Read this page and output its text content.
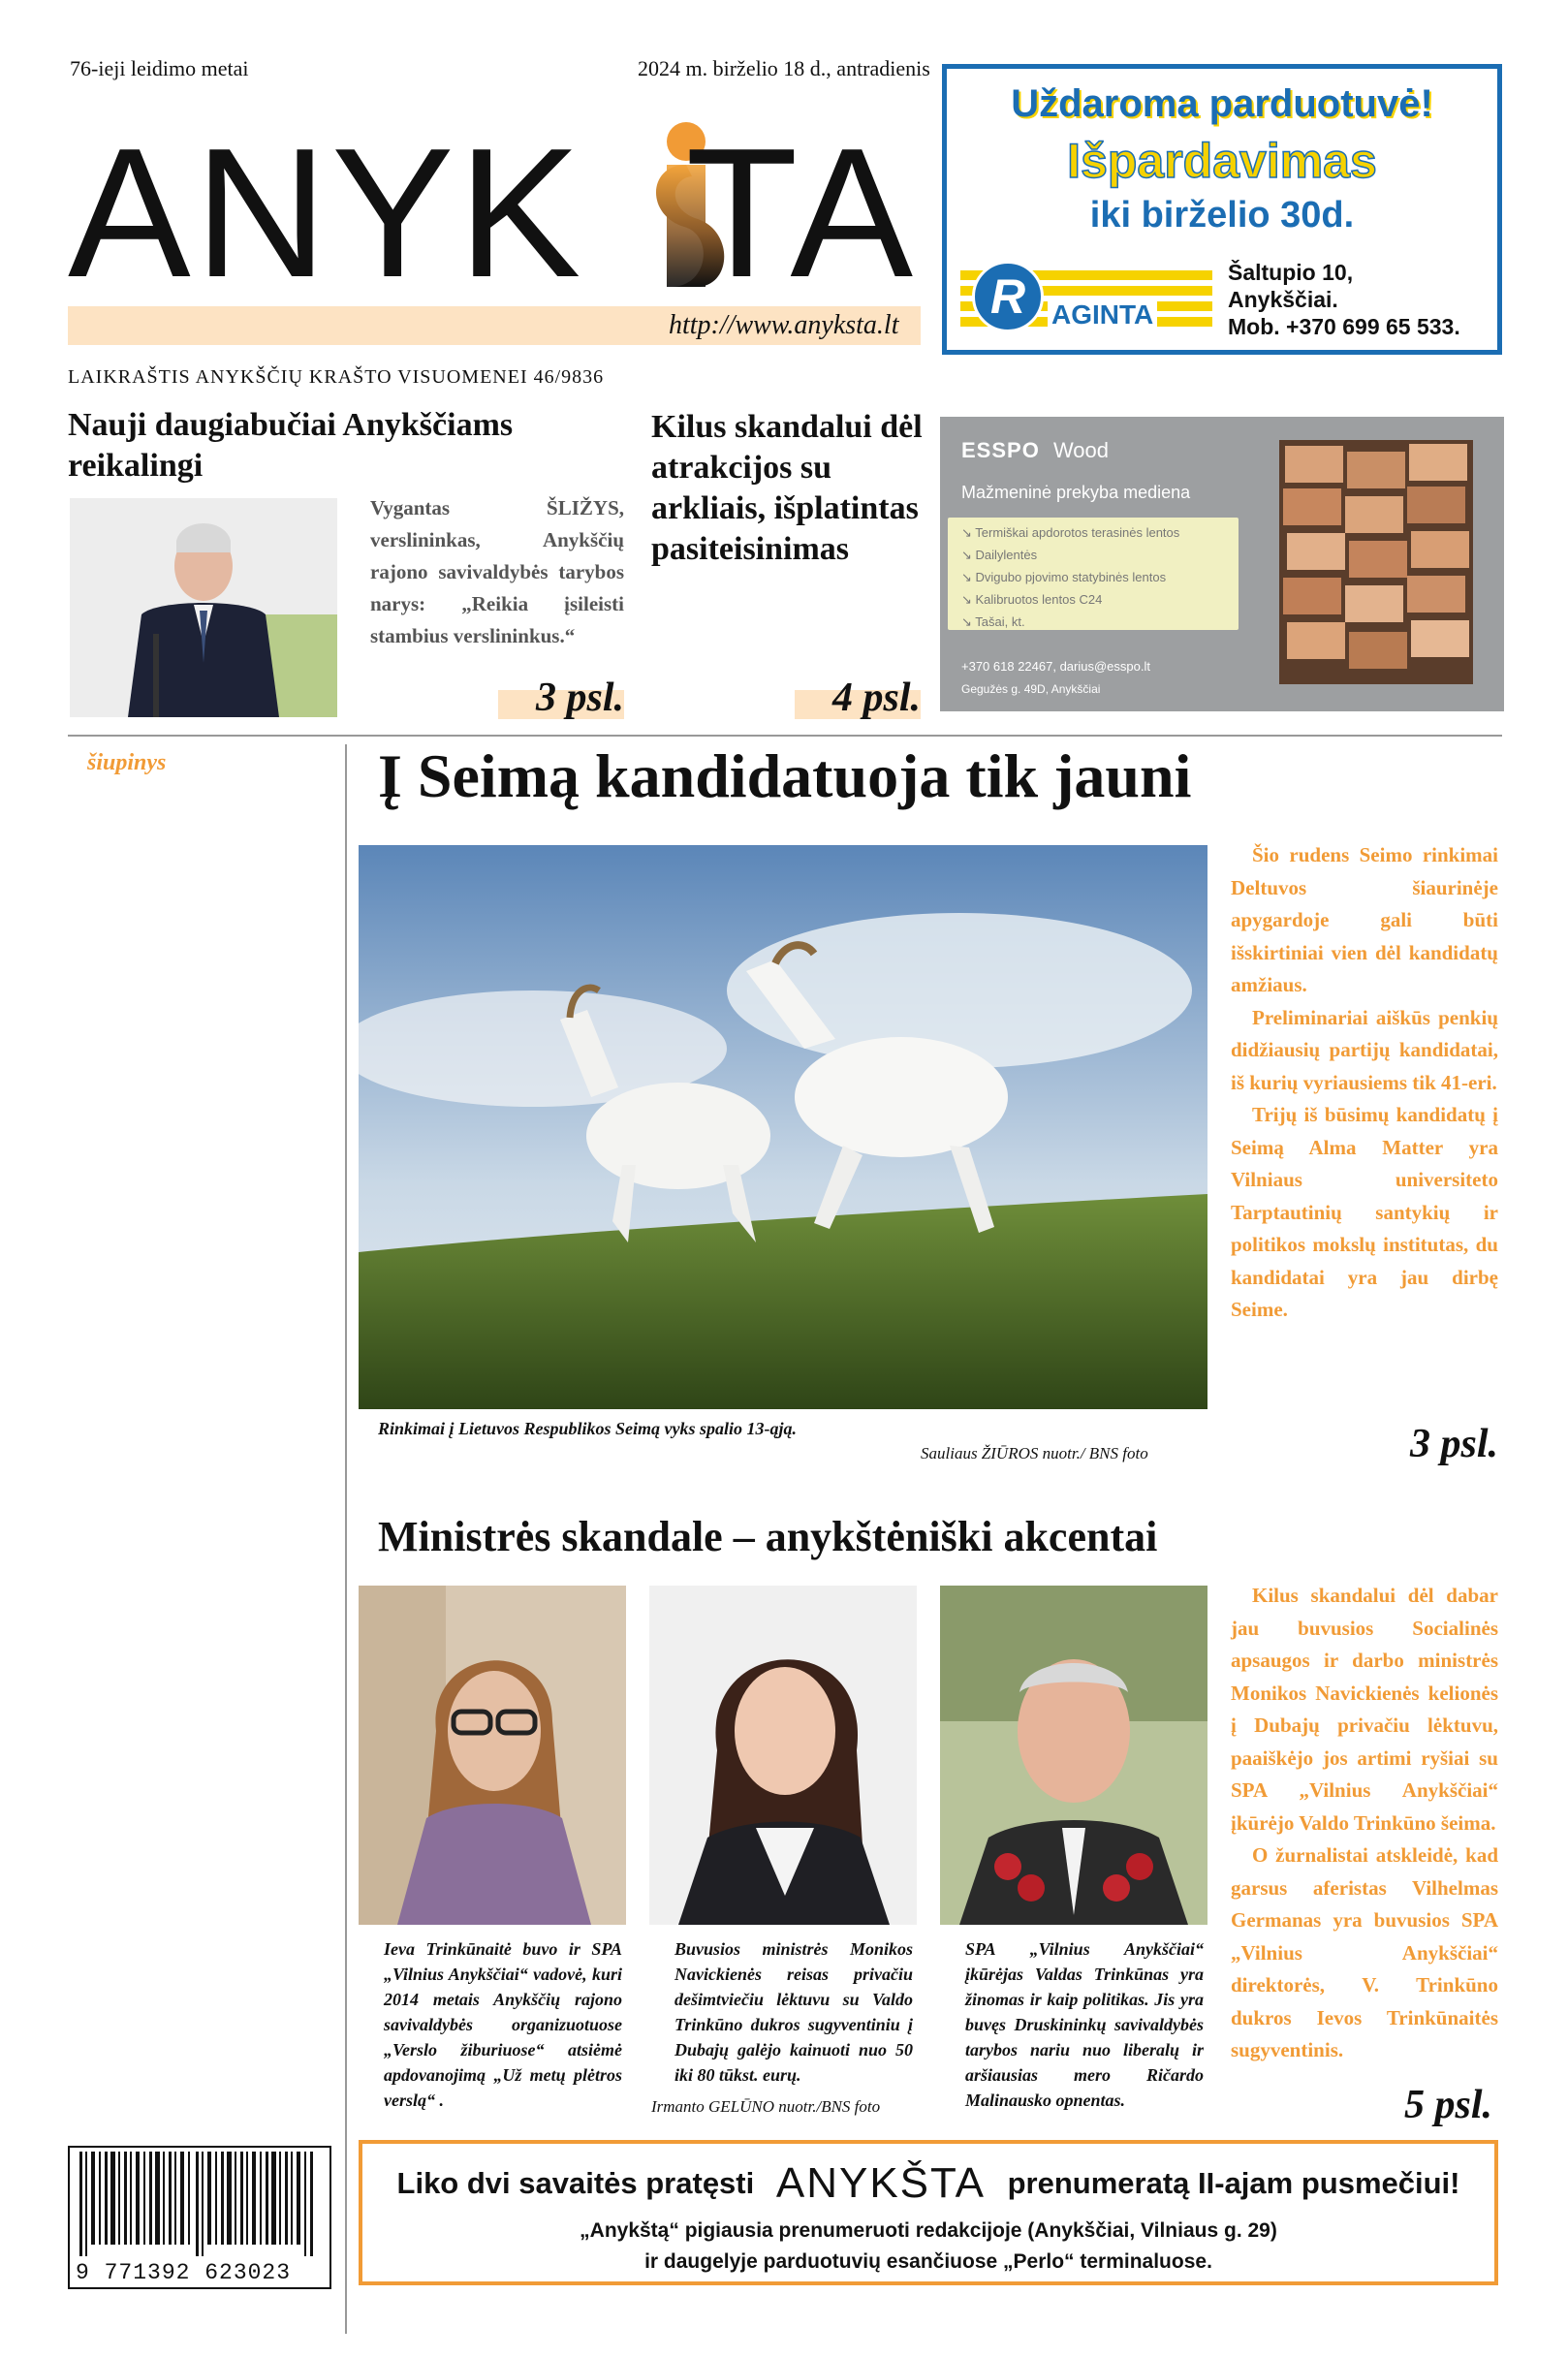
76-ieji leidimo metai	2024 m. birželio 18 d., antradienis
ANYK TA
http://www.anyksta.lt
LAIKRAŠTIS ANYKŠČIŲ KRAŠTO VISUOMENEI 46/9836
Uždaroma parduotuvė!
Išpardavimas
iki birželio 30d.
R AGINTA
Šaltupio 10,
Anykščiai.
Mob. +370 699 65 533.
Nauji daugiabučiai Anykščiams reikalingi
Vygantas ŠLIŽYS, verslininkas, Anykščių rajono savivaldybės tarybos narys: „Reikia įsileisti stambius verslininkus.“
3 psl.
Kilus skandalui dėl atrakcijos su arkliais, išplatintas pasiteisinimas
4 psl.
ESSPO Wood
Mažmeninė prekyba mediena
↘ Termiškai apdorotos terasinės lentos
↘ Dailylentės
↘ Dvigubo pjovimo statybinės lentos
↘ Kalibruotos lentos C24
↘ Tašai, kt.
+370 618 22467, darius@esspo.lt
Gegužės g. 49D, Anykščiai
šiupinys	Į Seimą kandidatuoja tik jauni
Rinkimai į Lietuvos Respublikos Seimą vyks spalio 13-ąją.
Sauliaus ŽIŪROS nuotr./ BNS foto

Šio rudens Seimo rinkimai Deltuvos šiaurinėje apygardoje gali būti išskirtiniai vien dėl kandidatų amžiaus.

Preliminariai aiškūs penkių didžiausių partijų kandidatai, iš kurių vyriausiems tik 41-eri.

Trijų iš būsimų kandidatų į Seimą Alma Matter yra Vilniaus universiteto Tarptautinių santykių ir politikos mokslų institutas, du kandidatai yra jau dirbę Seime.

3 psl.
Ministrės skandale – anykštėniški akcentai
Ieva Trinkūnaitė buvo ir SPA „Vilnius Anykščiai“ vadovė, kuri 2014 metais Anykščių rajono savivaldybės organizuotuose „Verslo žiburiuose“ atsiėmė apdovanojimą „Už metų plėtros verslą“ .
Buvusios ministrės Monikos Navickienės reisas privačiu dešimtviečiu lėktuvu su Valdo Trinkūno dukros sugyventiniu į Dubajų galėjo kainuoti nuo 50 iki 80 tūkst. eurų.
Irmanto GELŪNO nuotr./BNS foto
SPA „Vilnius Anykščiai“ įkūrėjas Valdas Trinkūnas yra žinomas ir kaip politikas. Jis yra buvęs Druskininkų savivaldybės tarybos nariu nuo liberalų ir aršiausias mero Ričardo Malinausko opnentas.

Kilus skandalui dėl dabar jau buvusios Socialinės apsaugos ir darbo ministrės Monikos Navickienės kelionės į Dubajų privačiu lėktuvu, paaiškėjo jos artimi ryšiai su SPA „Vilnius Anykščiai“ įkūrėjo Valdo Trinkūno šeima.

O žurnalistai atskleidė, kad garsus aferistas Vilhelmas Germanas yra buvusios SPA „Vilnius Anykščiai“ direktorės, V. Trinkūno dukros Ievos Trinkūnaitės sugyventinis.

5 psl.
9 771392 623023
Liko dvi savaitės pratęsti ANYKŠTA prenumeratą II-ajam pusmečiui!
„Anykštą“ pigiausia prenumeruoti redakcijoje (Anykščiai, Vilniaus g. 29)
ir daugelyje parduotuvių esančiuose „Perlo“ terminaluose.
